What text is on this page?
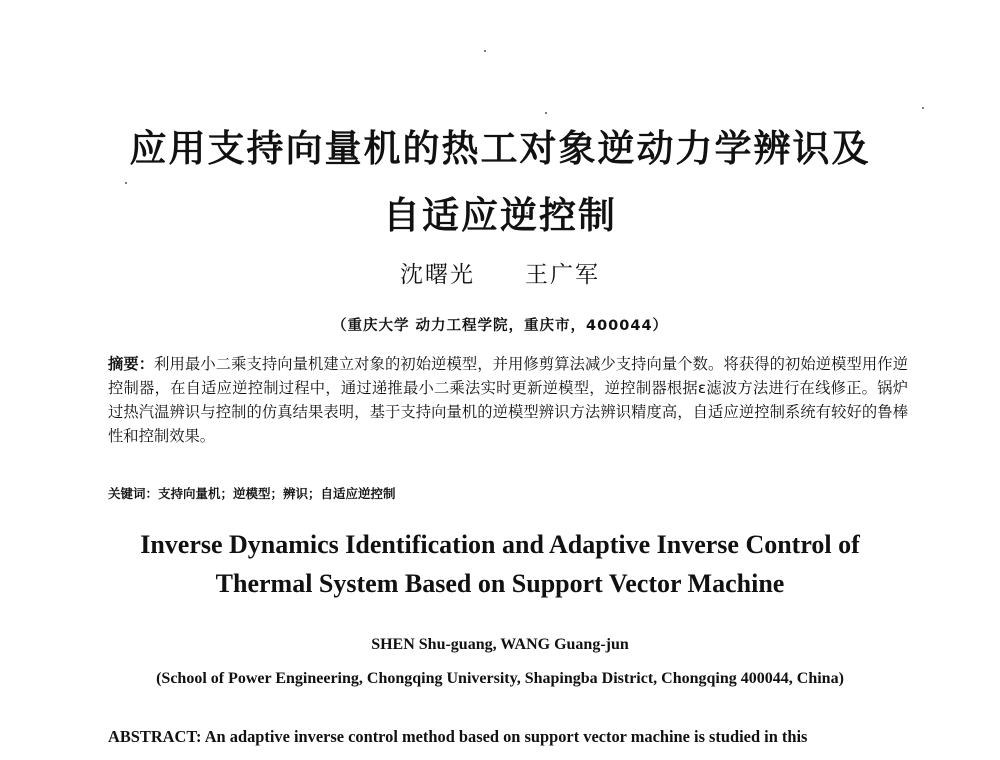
应用支持向量机的热工对象逆动力学辨识及
自适应逆控制
沈曙光　　王广军
（重庆大学 动力工程学院，重庆市，400044）

摘要：利用最小二乘支持向量机建立对象的初始逆模型，并用修剪算法减少支持向量个数。将获得的初始逆模型用作逆控制器，在自适应逆控制过程中，通过递推最小二乘法实时更新逆模型，逆控制器根据ε滤波方法进行在线修正。锅炉过热汽温辨识与控制的仿真结果表明，基于支持向量机的逆模型辨识方法辨识精度高，自适应逆控制系统有较好的鲁棒性和控制效果。

关键词：支持向量机；逆模型；辨识；自适应逆控制
Inverse Dynamics Identification and Adaptive Inverse Control of
Thermal System Based on Support Vector Machine
SHEN Shu-guang, WANG Guang-jun
(School of Power Engineering, Chongqing University, Shapingba District, Chongqing 400044, China)

ABSTRACT: An adaptive inverse control method based on support vector machine is studied in this
